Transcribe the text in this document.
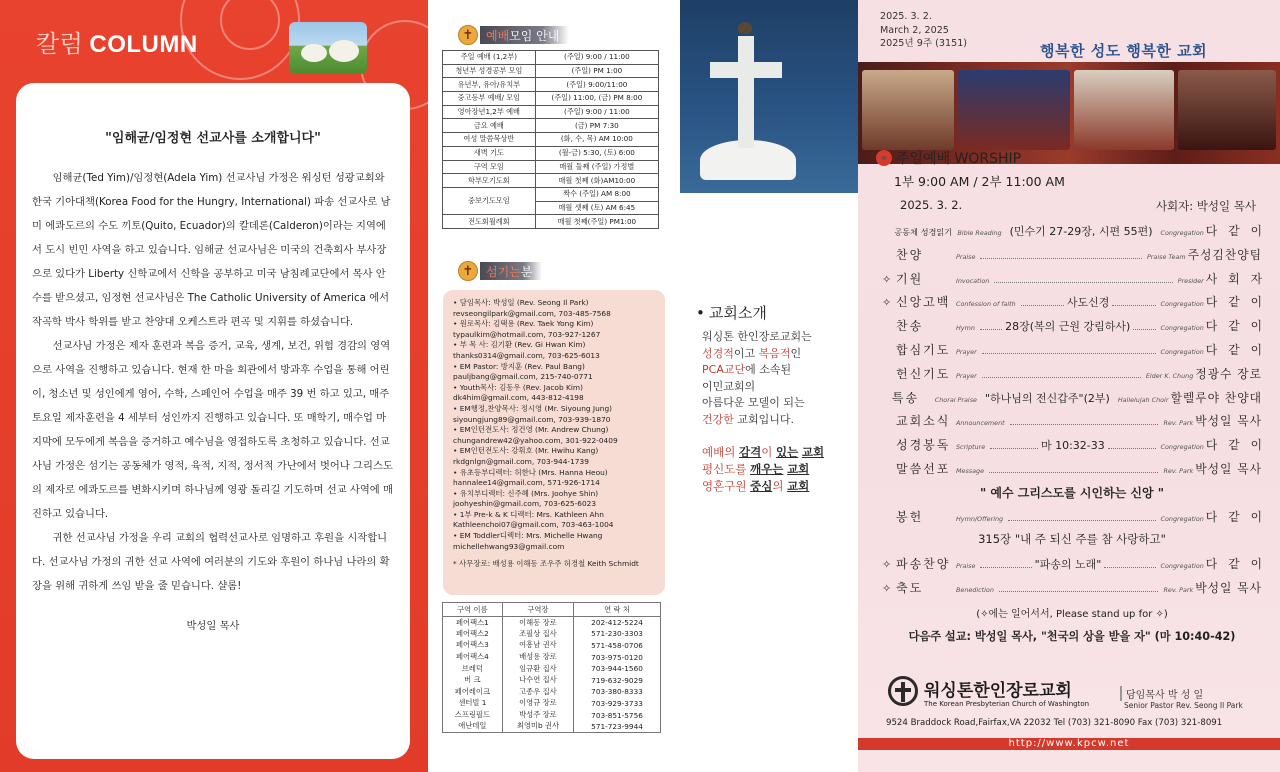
칼럼 COLUMN
"임해균/임정현 선교사를 소개합니다"

임해균(Ted Yim)/임정현(Adela Yim) 선교사님 가정은 워싱턴 성광교회와 한국 기아대책(Korea Food for the Hungry, International) 파송 선교사로 남미 에콰도르의 수도 끼토(Quito, Ecuador)의 칼데론(Calderon)이라는 지역에서 도시 빈민 사역을 하고 있습니다. 임해균 선교사님은 미국의 건축회사 부사장으로 있다가 Liberty 신학교에서 신학을 공부하고 미국 남침례교단에서 목사 안수를 받으셨고, 임정현 선교사님은 The Catholic University of America 에서 작곡학 박사 학위를 받고 찬양대 오케스트라 편곡 및 지휘를 하셨습니다.

선교사님 가정은 제자 훈련과 복음 증거, 교육, 생계, 보건, 위험 경감의 영역으로 사역을 진행하고 있습니다. 현재 한 마을 회관에서 방과후 수업을 통해 어린이, 청소년 및 성인에게 영어, 수학, 스페인어 수업을 매주 39 번 하고 있고, 매주 토요일 제자훈련을 4 세부터 성인까지 진행하고 있습니다. 또 매학기, 매수업 마지막에 모두에게 복음을 증거하고 예수님을 영접하도록 초청하고 있습니다. 선교사님 가정은 섬기는 공동체가 영적, 육적, 지적, 정서적 가난에서 벗어나 그리스도의 제자로 에콰도르를 변화시키며 하나님께 영광 돌리길 기도하며 선교 사역에 매진하고 있습니다.

귀한 선교사님 가정을 우리 교회의 협력선교사로 임명하고 후원을 시작합니다. 선교사님 가정의 귀한 선교 사역에 여러분의 기도와 후원이 하나님 나라의 확장을 위해 귀하게 쓰임 받을 줄 믿습니다. 샬롬!

박성일 목사

✝	예배 모임 안내
주일 예배 (1,2부)	(주일) 9:00 / 11:00
청년부 성경공부 모임	(주일) PM 1:00
유년부, 유아/유치부	(주일) 9:00/11:00
중고등부 예배/ 모임	(주일) 11:00, (금) PM 8:00
영아장년1,2부 예배	(주일) 9:00 / 11:00
금요 예배	(금) PM 7:30
여성 말씀묵상반	(화, 수, 목) AM 10:00
새벽 기도	(월-금) 5:30, (토) 6:00
구역 모임	매월 둘째 (주일) 가정별
학부모기도회	매월 첫째 (화)AM10:00
중보기도모임	짝수 (주일) AM 8:00
	매월 셋째 (토) AM 6:45
전도회월례회	매월 첫째(주일) PM1:00
✝	섬기는 분
• 담임목사: 박성일 (Rev. Seong Il Park)
revseongilpark@gmail.com, 703-485-7568
• 원로목사: 김택용 (Rev. Taek Yong Kim)
typaulkim@hotmail.com, 703-927-1267
• 부 목 사: 김기환 (Rev. Gi Hwan Kim)
thanks0314@gmail.com, 703-625-6013
• EM Pastor: 방지훈 (Rev. Paul Bang)
pauljbang@gmail.com, 215-740-0771
• Youth목사: 김동우 (Rev. Jacob Kim)
dk4him@gmail.com, 443-812-4198
• EM행정,찬양목사: 정시영 (Mr. Siyoung Jung)
siyoungjung89@gmail.com, 703-939-1870
• EM인턴전도사: 정건영 (Mr. Andrew Chung)
chungandrew42@yahoo.com, 301-922-0409
• EM인턴전도사: 강휘호 (Mr. Hwihu Kang)
rkdgnlgn@gmail.com, 703-944-1739
• 유초등부디렉터: 허한나 (Mrs. Hanna Heou)
hannalee14@gmail.com, 571-926-1714
• 유치부디렉터: 신주혜 (Mrs. Joohye Shin)
joohyeshin@gmail.com, 703-625-6023
• 1부 Pre-k & K 디렉터: Mrs. Kathleen Ahn
Kathleenchoi07@gmail.com, 703-463-1004
• EM Toddler디렉터: Mrs. Michelle Hwang
michellehwang93@gmail.com
* 사무장로: 배성용 이해동 조우주 허경철 Keith Schmidt
구역 이름	구역장	연 락 처
페어팩스1	이해동 장로	202-412-5224
페어팩스2	조필상 집사	571-230-3303
페어팩스3	여흥남 권사	571-458-0706
페어팩스4	배성용 장로	703-975-0120
브레덕	임규환 집사	703-944-1560
버 크	나수연 집사	719-632-9029
페어레이크	고종우 집사	703-380-8333
센터빌 1	이영규 장로	703-929-3733
스프링필드	박성주 장로	703-851-5756
애난데일	최영미b 권사	571-723-9944
• 교회소개
워싱톤 한인장로교회는
성경적이고 복음적인
PCA교단에 소속된
이민교회의
아름다운 모델이 되는
건강한 교회입니다.
예배의 감격이 있는 교회
평신도를 깨우는 교회
영혼구원 중심의 교회
2025. 3. 2.
March 2, 2025
2025년 9주 (3151)	행복한 성도 행복한 교회
주일예배 WORSHIP
1부 9:00 AM / 2부 11:00 AM
2025. 3. 2.	사회자: 박성일 목사
공동체 성경읽기 Bible Reading (민수기 27-29장, 시편 55편) Congregation 다같이
찬양	Praise	Praise Team 주성김찬양팀
✧ 기원	Invocation	Presider 사회자
✧ 신앙고백 Confession of faith	사도신경	Congregation 다같이
찬송	Hymn	28장(복의 근원 강림하사)	Congregation 다같이
합심기도 Prayer	Congregation 다같이
헌신기도 Prayer	Elder K. Chung 정광수 장로
특송	Choral Praise "하나님의 전신갑주"(2부) Hallelujah Choir 할렐루야 찬양대
교회소식 Announcement	Rev. Park 박성일 목사
성경봉독 Scripture	마 10:32-33	Congregation 다같이
말씀선포 Message	Rev. Park 박성일 목사
" 예수 그리스도를 시인하는 신앙 "
봉헌	Hymn/Offering	Congregation 다같이
315장 "내 주 되신 주를 참 사랑하고"
✧ 파송찬양 Praise	"파송의 노래"	Congregation 다같이
✧ 축도	Benediction	Rev. Park 박성일 목사
(✧에는 일어서서, Please stand up for ✧)
다음주 설교: 박성일 목사, "천국의 상을 받을 자" (마 10:40-42)
워싱톤한인장로교회
The Korean Presbyterian Church of Washington
담임목사 박 성 일
Senior Pastor Rev. Seong Il Park
9524 Braddock Road,Fairfax,VA 22032 Tel (703) 321-8090 Fax (703) 321-8091
http://www.kpcw.net
